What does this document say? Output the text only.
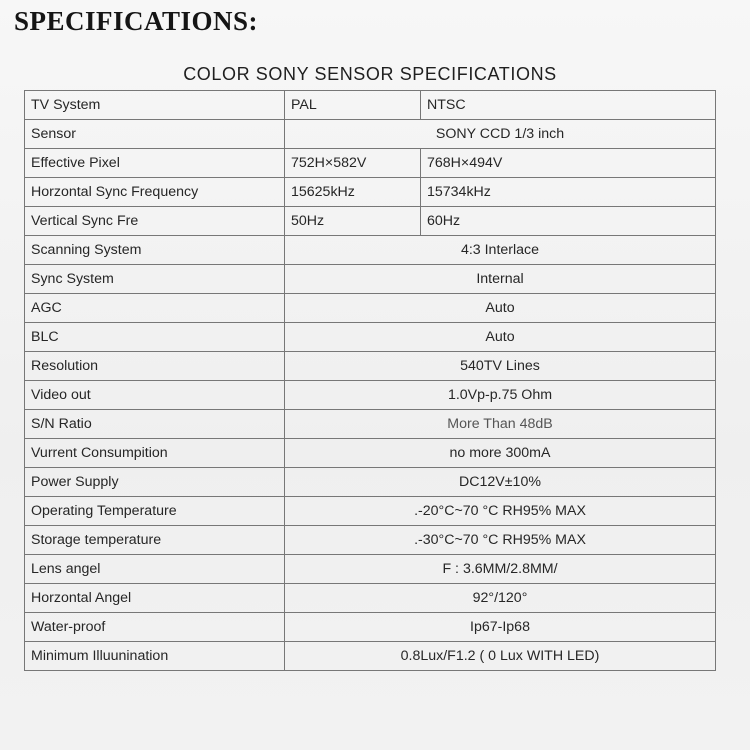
SPECIFICATIONS:
COLOR SONY SENSOR SPECIFICATIONS
TV System	PAL	NTSC
Sensor	SONY CCD 1/3 inch	
Effective Pixel	752H×582V	768H×494V
Horzontal Sync Frequency	15625kHz	15734kHz
Vertical Sync Fre	50Hz	60Hz
Scanning System	4:3 Interlace	
Sync System	Internal	
AGC	Auto	
BLC	Auto	
Resolution	540TV Lines	
Video out	1.0Vp-p.75 Ohm	
S/N Ratio	More Than 48dB	
Vurrent Consumpition	no more 300mA	
Power Supply	DC12V±10%	
Operating Temperature	.-20°C~70 °C RH95% MAX	
Storage temperature	.-30°C~70 °C RH95% MAX	
Lens angel	F : 3.6MM/2.8MM/	
Horzontal Angel	92°/120°	
Water-proof	Ip67-Ip68	
Minimum Illuunination	0.8Lux/F1.2 ( 0 Lux WITH LED)	
